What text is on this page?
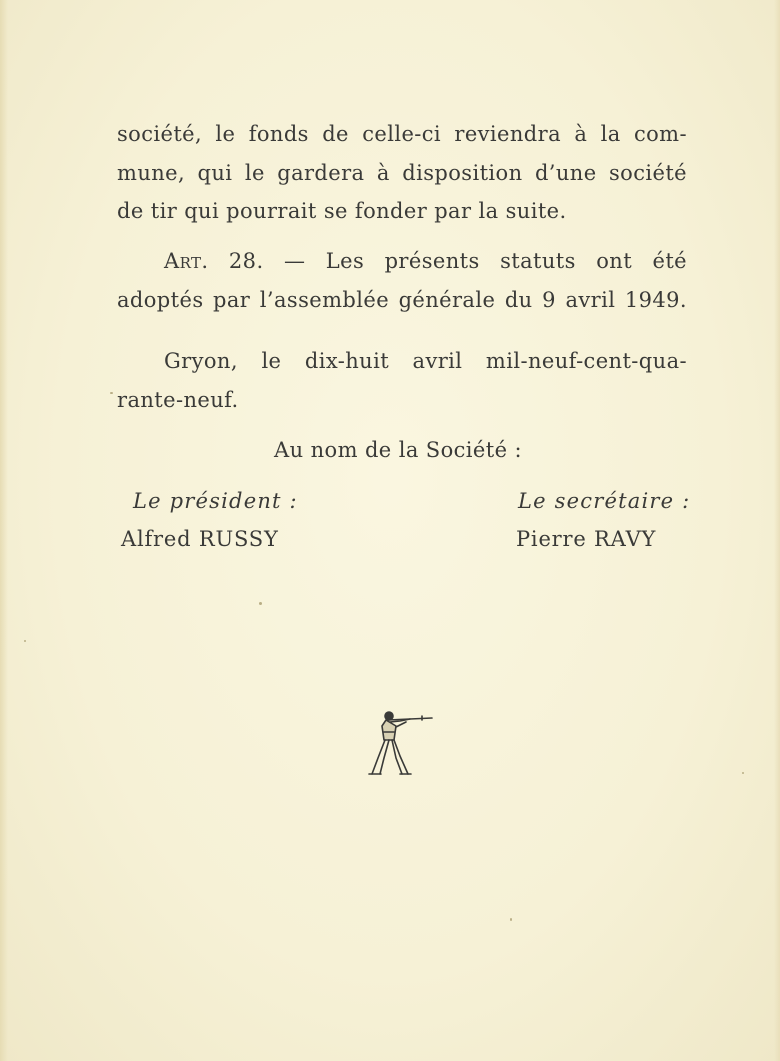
société, le fonds de celle-ci reviendra à la com-
mune, qui le gardera à disposition d’une société
de tir qui pourrait se fonder par la suite.

Art. 28. — Les présents statuts ont été
adoptés par l’assemblée générale du 9 avril 1949.

Gryon, le dix-huit avril mil-neuf-cent-qua-
rante-neuf.

Au nom de la Société :

Le président :	Le secrétaire :
Alfred RUSSY	Pierre RAVY
